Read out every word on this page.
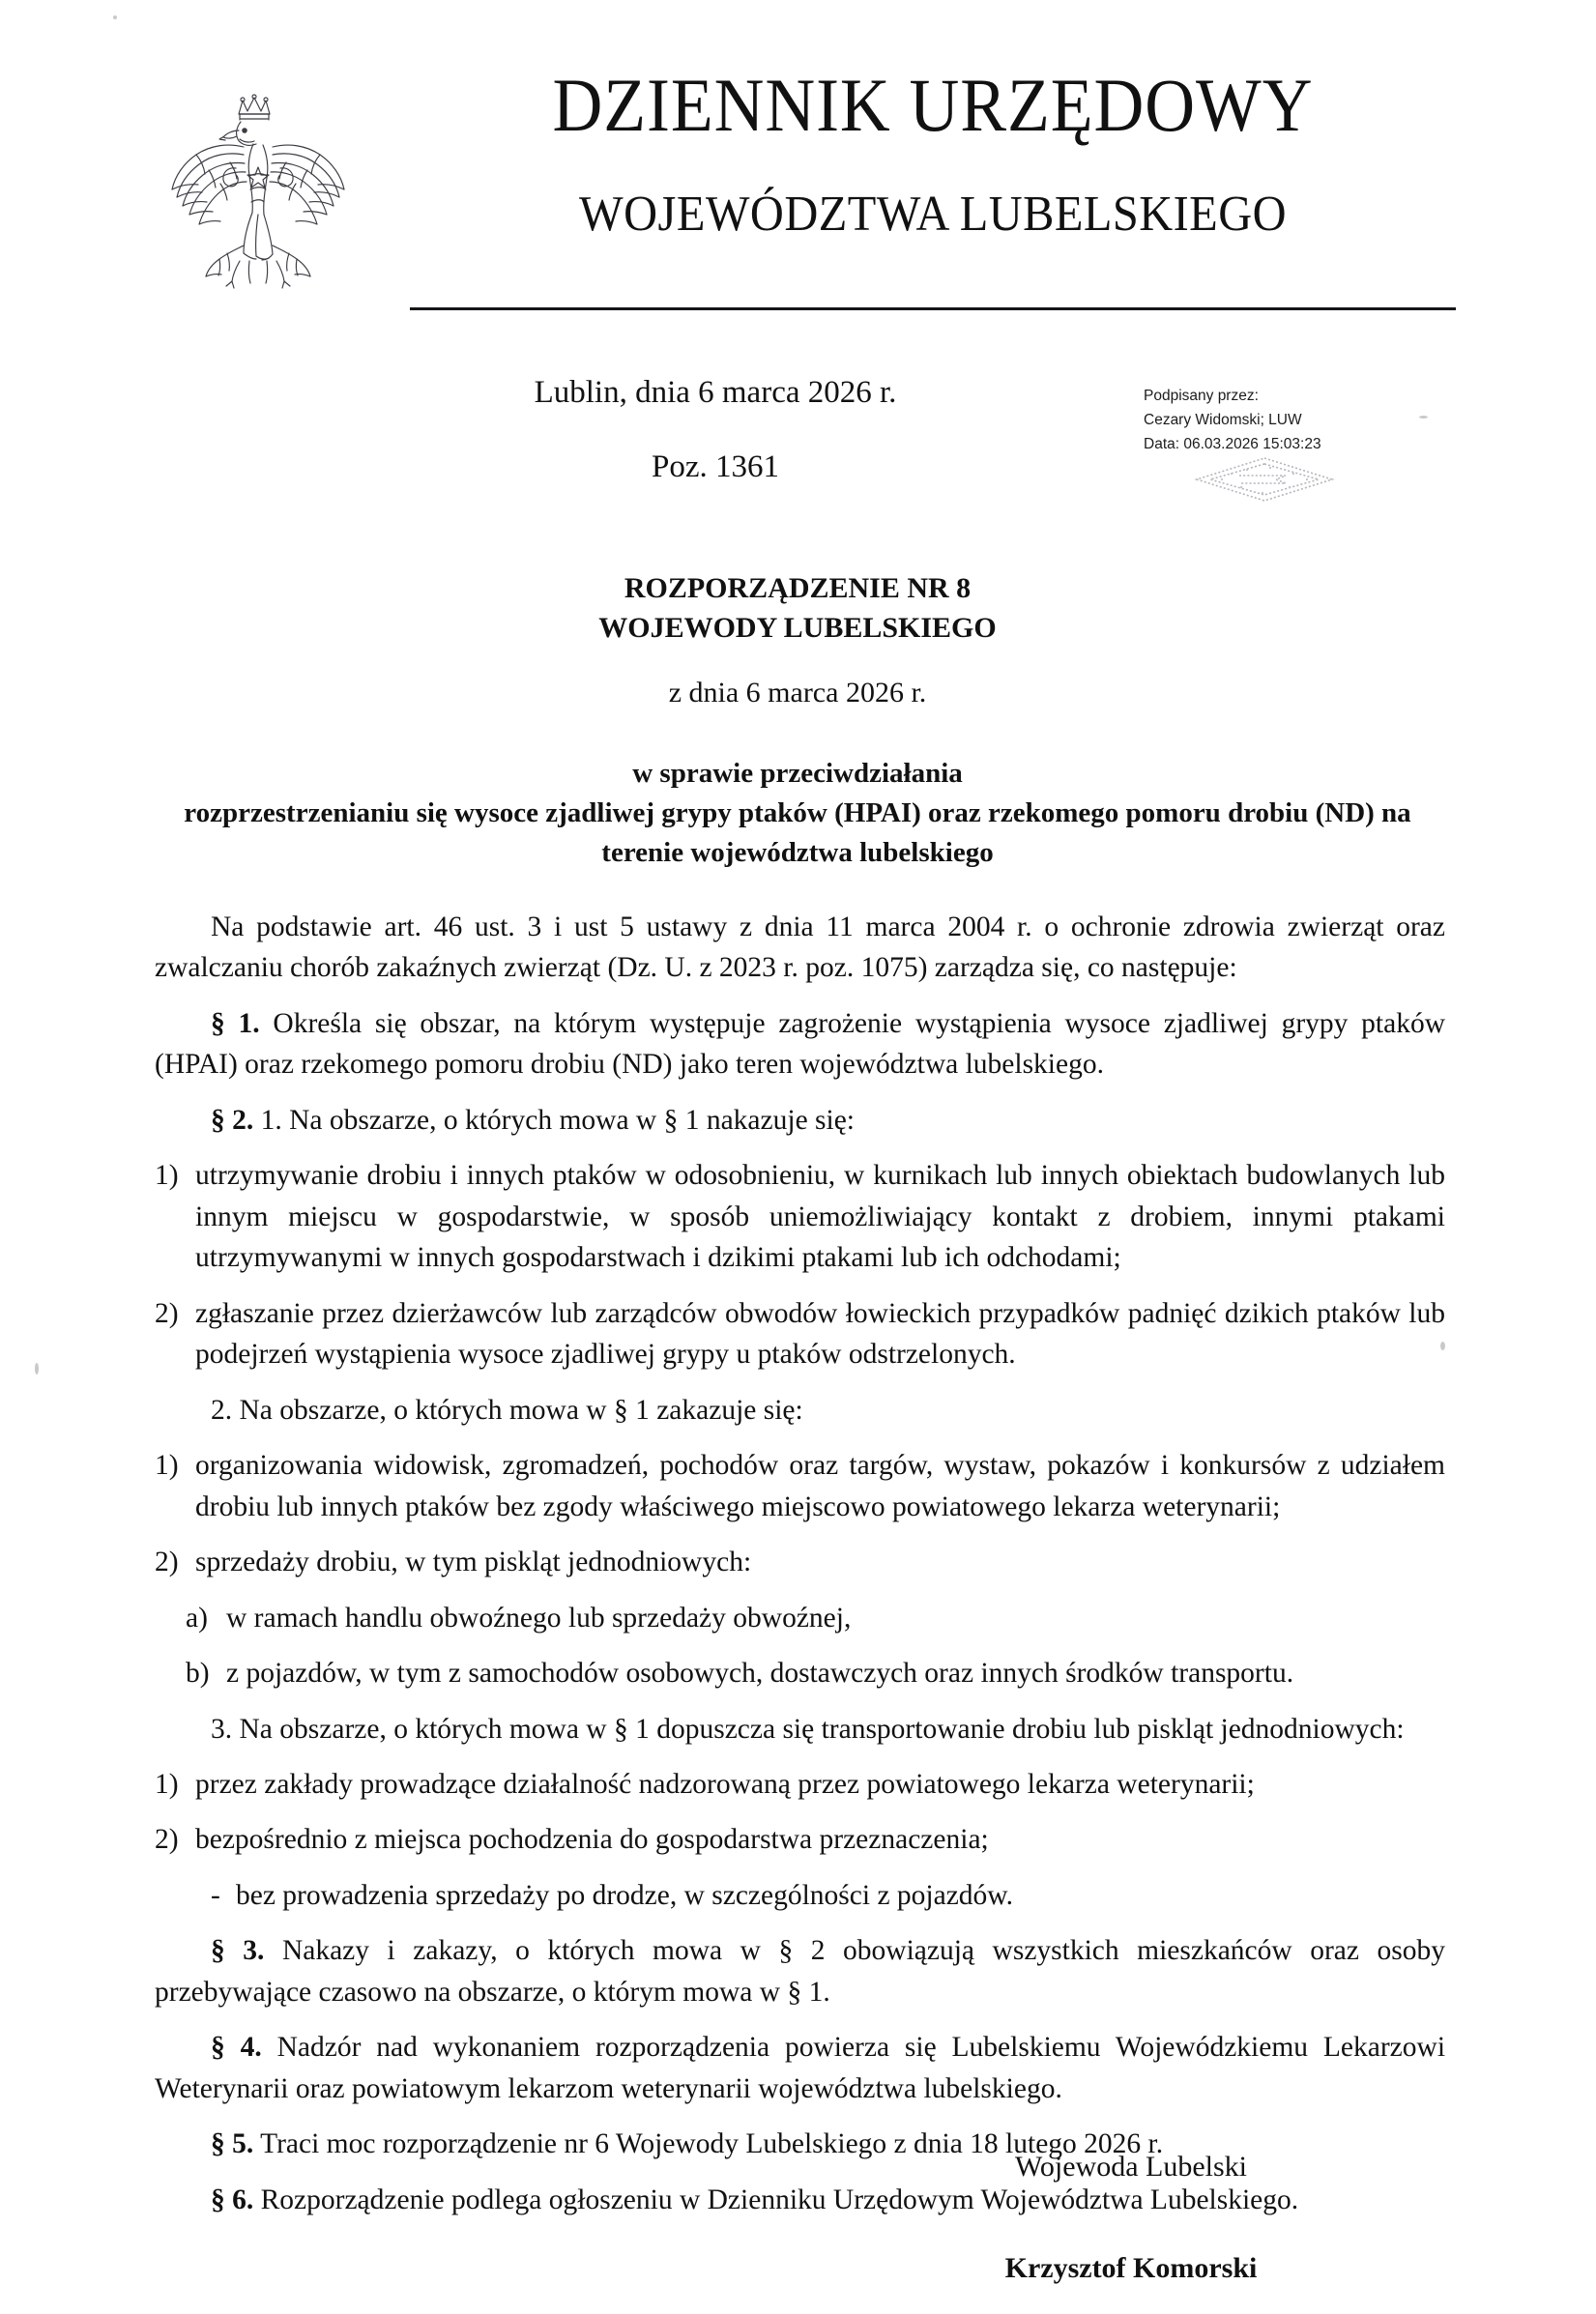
DZIENNIK URZĘDOWY
WOJEWÓDZTWA LUBELSKIEGO
Lublin, dnia 6 marca 2026 r.
Poz. 1361
Podpisany przez:
Cezary Widomski; LUW
Data: 06.03.2026 15:03:23
ROZPORZĄDZENIE NR 8
WOJEWODY LUBELSKIEGO
z dnia 6 marca 2026 r.
w sprawie przeciwdziałania
rozprzestrzenianiu się wysoce zjadliwej grypy ptaków (HPAI) oraz rzekomego pomoru drobiu (ND) na
terenie województwa lubelskiego

Na podstawie art. 46 ust. 3 i ust 5 ustawy z dnia 11 marca 2004 r. o ochronie zdrowia zwierząt oraz zwalczaniu chorób zakaźnych zwierząt (Dz. U. z 2023 r. poz. 1075) zarządza się, co następuje:

§ 1. Określa się obszar, na którym występuje zagrożenie wystąpienia wysoce zjadliwej grypy ptaków (HPAI) oraz rzekomego pomoru drobiu (ND) jako teren województwa lubelskiego.

§ 2. 1. Na obszarze, o których mowa w § 1 nakazuje się:

1) utrzymywanie drobiu i innych ptaków w odosobnieniu, w kurnikach lub innych obiektach budowlanych lub innym miejscu w gospodarstwie, w sposób uniemożliwiający kontakt z drobiem, innymi ptakami utrzymywanymi w innych gospodarstwach i dzikimi ptakami lub ich odchodami;
2) zgłaszanie przez dzierżawców lub zarządców obwodów łowieckich przypadków padnięć dzikich ptaków lub podejrzeń wystąpienia wysoce zjadliwej grypy u ptaków odstrzelonych.

2. Na obszarze, o których mowa w § 1 zakazuje się:

1) organizowania widowisk, zgromadzeń, pochodów oraz targów, wystaw, pokazów i konkursów z udziałem drobiu lub innych ptaków bez zgody właściwego miejscowo powiatowego lekarza weterynarii;
2) sprzedaży drobiu, w tym piskląt jednodniowych:
a) w ramach handlu obwoźnego lub sprzedaży obwoźnej,
b) z pojazdów, w tym z samochodów osobowych, dostawczych oraz innych środków transportu.

3. Na obszarze, o których mowa w § 1 dopuszcza się transportowanie drobiu lub piskląt jednodniowych:

1) przez zakłady prowadzące działalność nadzorowaną przez powiatowego lekarza weterynarii;
2) bezpośrednio z miejsca pochodzenia do gospodarstwa przeznaczenia;
- bez prowadzenia sprzedaży po drodze, w szczególności z pojazdów.

§ 3. Nakazy i zakazy, o których mowa w § 2 obowiązują wszystkich mieszkańców oraz osoby przebywające czasowo na obszarze, o którym mowa w § 1.

§ 4. Nadzór nad wykonaniem rozporządzenia powierza się Lubelskiemu Wojewódzkiemu Lekarzowi Weterynarii oraz powiatowym lekarzom weterynarii województwa lubelskiego.

§ 5. Traci moc rozporządzenie nr 6 Wojewody Lubelskiego z dnia 18 lutego 2026 r.

§ 6. Rozporządzenie podlega ogłoszeniu w Dzienniku Urzędowym Województwa Lubelskiego.

Wojewoda Lubelski
Krzysztof Komorski
